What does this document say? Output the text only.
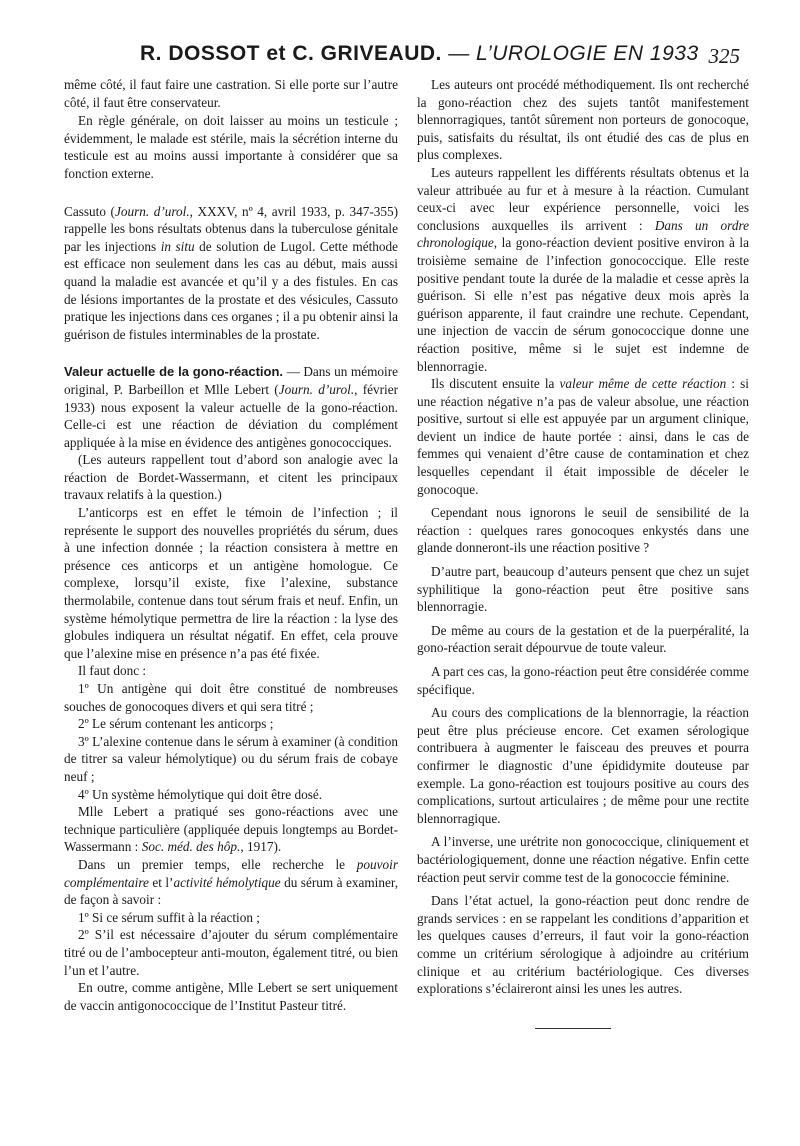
R. DOSSOT et C. GRIVEAUD. — L’UROLOGIE EN 1933 325

même côté, il faut faire une castration. Si elle porte sur l’autre côté, il faut être conservateur.

En règle générale, on doit laisser au moins un testicule ; évidemment, le malade est stérile, mais la sécrétion interne du testicule est au moins aussi importante à considérer que sa fonction externe.

Cassuto (Journ. d’urol., XXXV, nº 4, avril 1933, p. 347-355) rappelle les bons résultats obtenus dans la tuberculose génitale par les injections in situ de solution de Lugol. Cette méthode est efficace non seulement dans les cas au début, mais aussi quand la maladie est avancée et qu’il y a des fistules. En cas de lésions importantes de la prostate et des vésicules, Cassuto pratique les injections dans ces organes ; il a pu obtenir ainsi la guérison de fistules interminables de la prostate.

Valeur actuelle de la gono-réaction. — Dans un mémoire original, P. Barbeillon et Mlle Lebert (Journ. d’urol., février 1933) nous exposent la valeur actuelle de la gono-réaction. Celle-ci est une réaction de déviation du complément appliquée à la mise en évidence des antigènes gonococciques.

(Les auteurs rappellent tout d’abord son analogie avec la réaction de Bordet-Wassermann, et citent les principaux travaux relatifs à la question.)

L’anticorps est en effet le témoin de l’infection ; il représente le support des nouvelles propriétés du sérum, dues à une infection donnée ; la réaction consistera à mettre en présence ces anticorps et un antigène homologue. Ce complexe, lorsqu’il existe, fixe l’alexine, substance thermolabile, contenue dans tout sérum frais et neuf. Enfin, un système hémolytique permettra de lire la réaction : la lyse des globules indiquera un résultat négatif. En effet, cela prouve que l’alexine mise en présence n’a pas été fixée.

Il faut donc :

1º Un antigène qui doit être constitué de nombreuses souches de gonocoques divers et qui sera titré ;

2º Le sérum contenant les anticorps ;

3º L’alexine contenue dans le sérum à examiner (à condition de titrer sa valeur hémolytique) ou du sérum frais de cobaye neuf ;

4º Un système hémolytique qui doit être dosé.

Mlle Lebert a pratiqué ses gono-réactions avec une technique particulière (appliquée depuis longtemps au Bordet-Wassermann : Soc. méd. des hôp., 1917).

Dans un premier temps, elle recherche le pouvoir complémentaire et l’activité hémolytique du sérum à examiner, de façon à savoir :

1º Si ce sérum suffit à la réaction ;

2º S’il est nécessaire d’ajouter du sérum complémentaire titré ou de l’ambocepteur anti-mouton, également titré, ou bien l’un et l’autre.

En outre, comme antigène, Mlle Lebert se sert uniquement de vaccin antigonococcique de l’Institut Pasteur titré.

Les auteurs ont procédé méthodiquement. Ils ont recherché la gono-réaction chez des sujets tantôt manifestement blennorragiques, tantôt sûrement non porteurs de gonocoque, puis, satisfaits du résultat, ils ont étudié des cas de plus en plus complexes.

Les auteurs rappellent les différents résultats obtenus et la valeur attribuée au fur et à mesure à la réaction. Cumulant ceux-ci avec leur expérience personnelle, voici les conclusions auxquelles ils arrivent : Dans un ordre chronologique, la gono-réaction devient positive environ à la troisième semaine de l’infection gonococcique. Elle reste positive pendant toute la durée de la maladie et cesse après la guérison. Si elle n’est pas négative deux mois après la guérison apparente, il faut craindre une rechute. Cependant, une injection de vaccin de sérum gonococcique donne une réaction positive, même si le sujet est indemne de blennorragie.

Ils discutent ensuite la valeur même de cette réaction : si une réaction négative n’a pas de valeur absolue, une réaction positive, surtout si elle est appuyée par un argument clinique, devient un indice de haute portée : ainsi, dans le cas de femmes qui venaient d’être cause de contamination et chez lesquelles cependant il était impossible de déceler le gonocoque.

Cependant nous ignorons le seuil de sensibilité de la réaction : quelques rares gonocoques enkystés dans une glande donneront-ils une réaction positive ?

D’autre part, beaucoup d’auteurs pensent que chez un sujet syphilitique la gono-réaction peut être positive sans blennorragie.

De même au cours de la gestation et de la puerpéralité, la gono-réaction serait dépourvue de toute valeur.

A part ces cas, la gono-réaction peut être considérée comme spécifique.

Au cours des complications de la blennorragie, la réaction peut être plus précieuse encore. Cet examen sérologique contribuera à augmenter le faisceau des preuves et pourra confirmer le diagnostic d’une épididymite douteuse par exemple. La gono-réaction est toujours positive au cours des complications, surtout articulaires ; de même pour une rectite blennorragique.

A l’inverse, une urétrite non gonococcique, cliniquement et bactériologiquement, donne une réaction négative. Enfin cette réaction peut servir comme test de la gonococcie féminine.

Dans l’état actuel, la gono-réaction peut donc rendre de grands services : en se rappelant les conditions d’apparition et les quelques causes d’erreurs, il faut voir la gono-réaction comme un critérium sérologique à adjoindre au critérium clinique et au critérium bactériologique. Ces diverses explorations s’éclaireront ainsi les unes les autres.
